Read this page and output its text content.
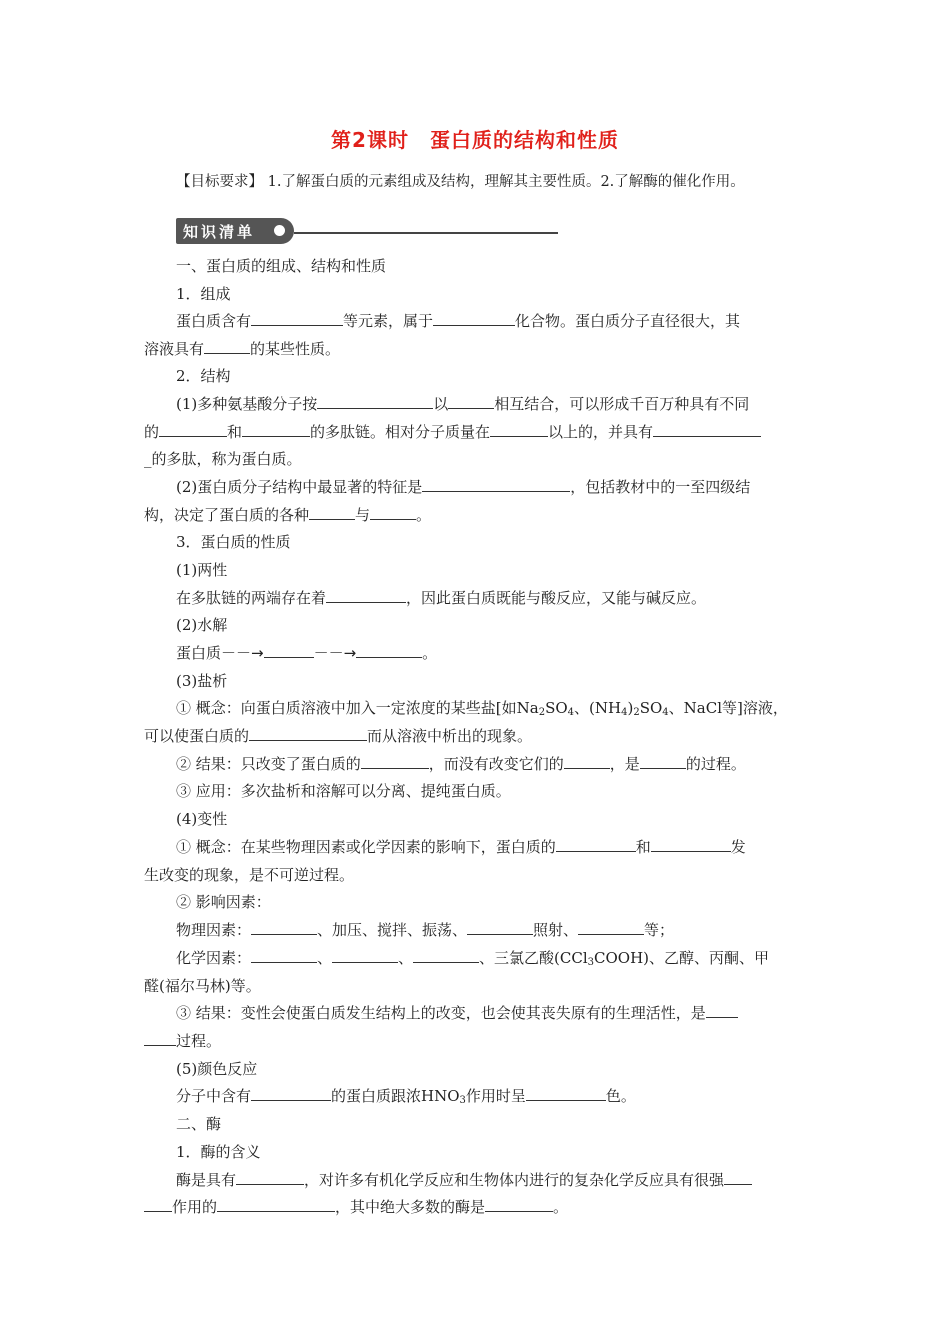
第2课时　蛋白质的结构和性质
【目标要求】 1.了解蛋白质的元素组成及结构，理解其主要性质。2.了解酶的催化作用。
知识清单
一、蛋白质的组成、结构和性质
1．组成
蛋白质含有	等元素，属于	化合物。蛋白质分子直径很大，其
溶液具有	的某些性质。
2．结构
(1)多种氨基酸分子按	以	相互结合，可以形成千百万种具有不同
的	和	的多肽链。相对分子质量在	以上的，并具有
_的多肽，称为蛋白质。
(2)蛋白质分子结构中最显著的特征是	，包括教材中的一至四级结
构，决定了蛋白质的各种	与	。
3．蛋白质的性质
(1)两性
在多肽链的两端存在着	，因此蛋白质既能与酸反应，又能与碱反应。
(2)水解
蛋白质－－→	－－→	。
(3)盐析
① 概念：向蛋白质溶液中加入一定浓度的某些盐[如$Na_2SO_4$、$(NH_4)_2SO_4$、NaCl等]溶液，
可以使蛋白质的	而从溶液中析出的现象。
② 结果：只改变了蛋白质的	，而没有改变它们的	，是	的过程。
③ 应用：多次盐析和溶解可以分离、提纯蛋白质。
(4)变性
① 概念：在某些物理因素或化学因素的影响下，蛋白质的	和	发
生改变的现象，是不可逆过程。
② 影响因素：
物理因素：	、加压、搅拌、振荡、	照射、	等；
化学因素：	、	、	、三氯乙酸(CCl$_3$COOH)、乙醇、丙酮、甲
醛(福尔马林)等。
③ 结果：变性会使蛋白质发生结构上的改变，也会使其丧失原有的生理活性，是
过程。
(5)颜色反应
分子中含有	的蛋白质跟浓$HNO_3$作用时呈	色。
二、酶
1．酶的含义
酶是具有	，对许多有机化学反应和生物体内进行的复杂化学反应具有很强
作用的	，其中绝大多数的酶是	。
